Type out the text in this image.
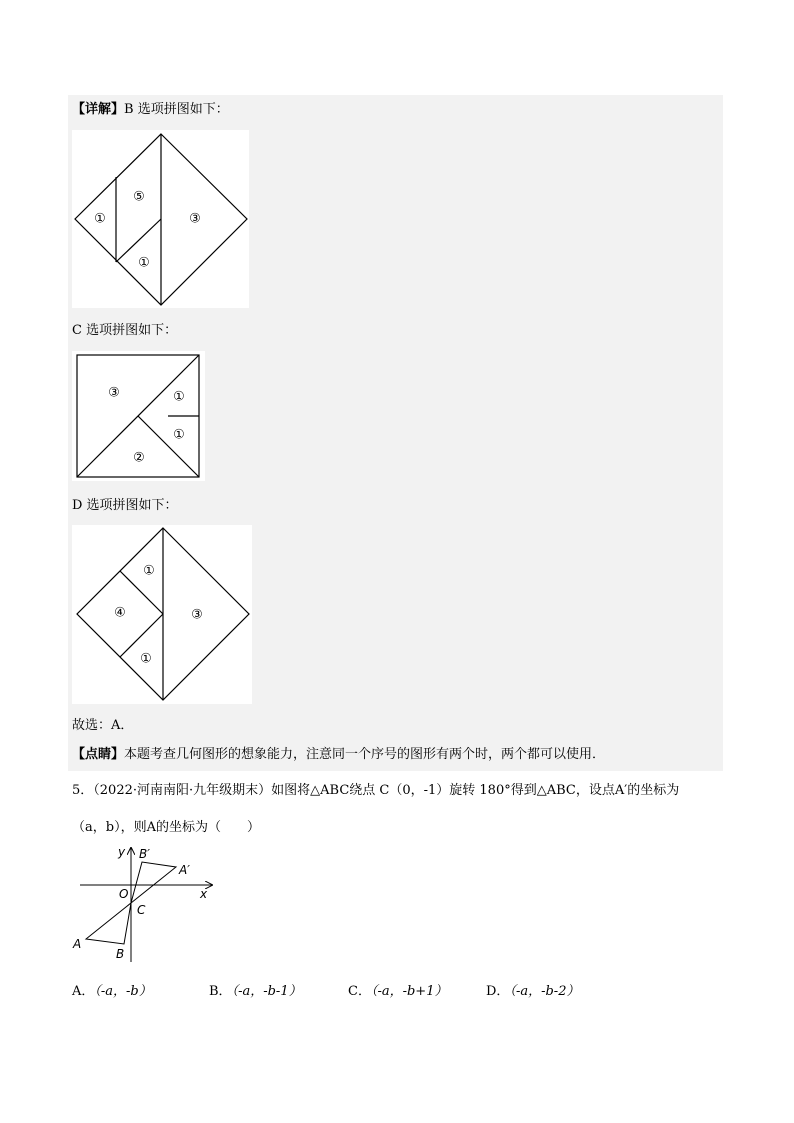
【详解】B 选项拼图如下：
①
⑤
③
①
C 选项拼图如下：
③	①
①
②
D 选项拼图如下：
①
④	③
①
故选：A．
【点睛】本题考查几何图形的想象能力，注意同一个序号的图形有两个时，两个都可以使用．
5．（2022·河南南阳·九年级期末）如图将△ABC绕点 C（0，-1）旋转 180°得到△ABC，设点A′的坐标为
（a，b），则A的坐标为（　　）
y
x
O
C
A
B
A′
B′
A．（-a，-b）	B．（-a，-b-1）	C．（-a，-b+1）	D．（-a，-b-2）
